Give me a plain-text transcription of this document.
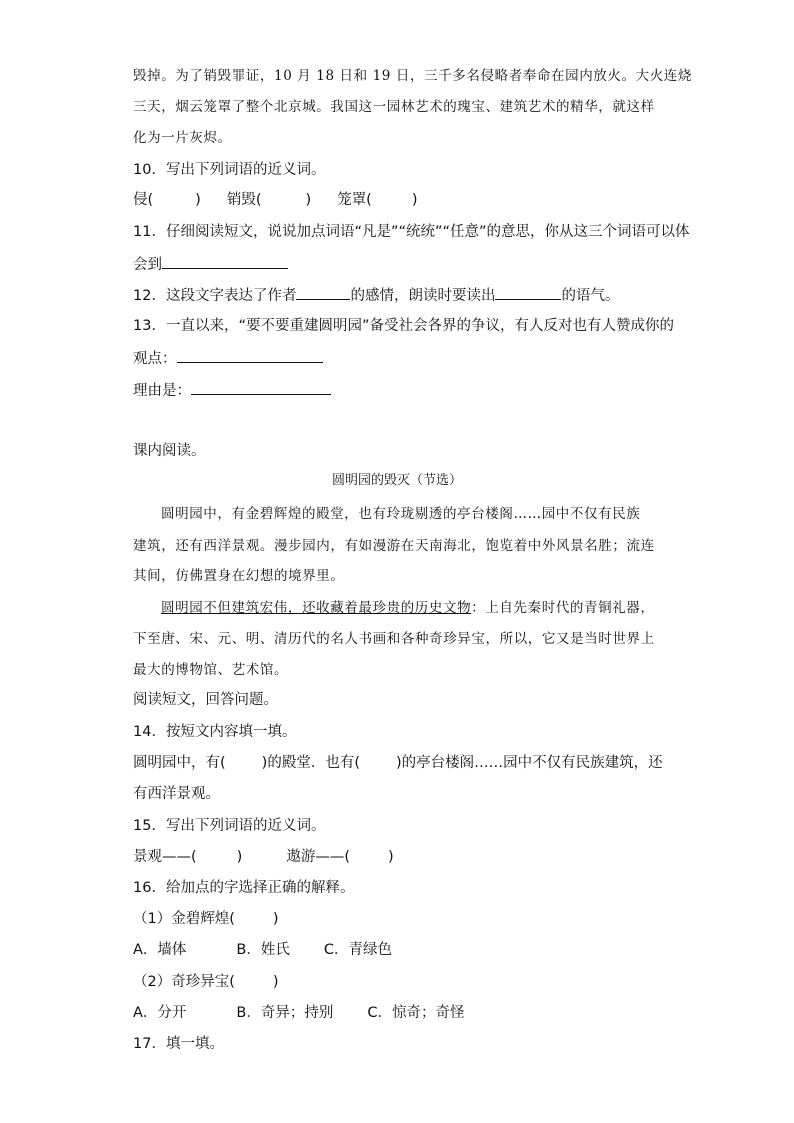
毁掉。为了销毁罪证，10 月 18 日和 19 日，三千多名侵略者奉命在园内放火。大火连烧
三天，烟云笼罩了整个北京城。我国这一园林艺术的瑰宝、建筑艺术的精华，就这样
化为一片灰烬。
10．写出下列词语的近义词。
侵(	) 销毁(	) 笼罩(	)
11．仔细阅读短文，说说加点词语“凡是”“统统”“任意”的意思，你从这三个词语可以体
会到
12．这段文字表达了作者	的感情，朗读时要读出	的语气。
13．一直以来，“要不要重建圆明园”备受社会各界的争议，有人反对也有人赞成你的
观点：
理由是：
课内阅读。
圆明园的毁灭（节选）
圆明园中，有金碧辉煌的殿堂，也有玲珑剔透的亭台楼阁……园中不仅有民族
建筑，还有西洋景观。漫步园内，有如漫游在天南海北，饱览着中外风景名胜；流连
其间，仿佛置身在幻想的境界里。
圆明园不但建筑宏伟，还收藏着最珍贵的历史文物：上自先秦时代的青铜礼器，
下至唐、宋、元、明、清历代的名人书画和各种奇珍异宝，所以，它又是当时世界上
最大的博物馆、艺术馆。
阅读短文，回答问题。
14．按短文内容填一填。
圆明园中，有( )的殿堂．也有( )的亭台楼阁……园中不仅有民族建筑，还
有西洋景观。
15．写出下列词语的近义词。
景观——(	)	遨游——(	)
16．给加点的字选择正确的解释。
（1）金碧辉煌(	)
A．墙体	B．姓氏 C．青绿色
（2）奇珍异宝(	)
A．分开	B．奇异；持别 C．惊奇；奇怪
17．填一填。
